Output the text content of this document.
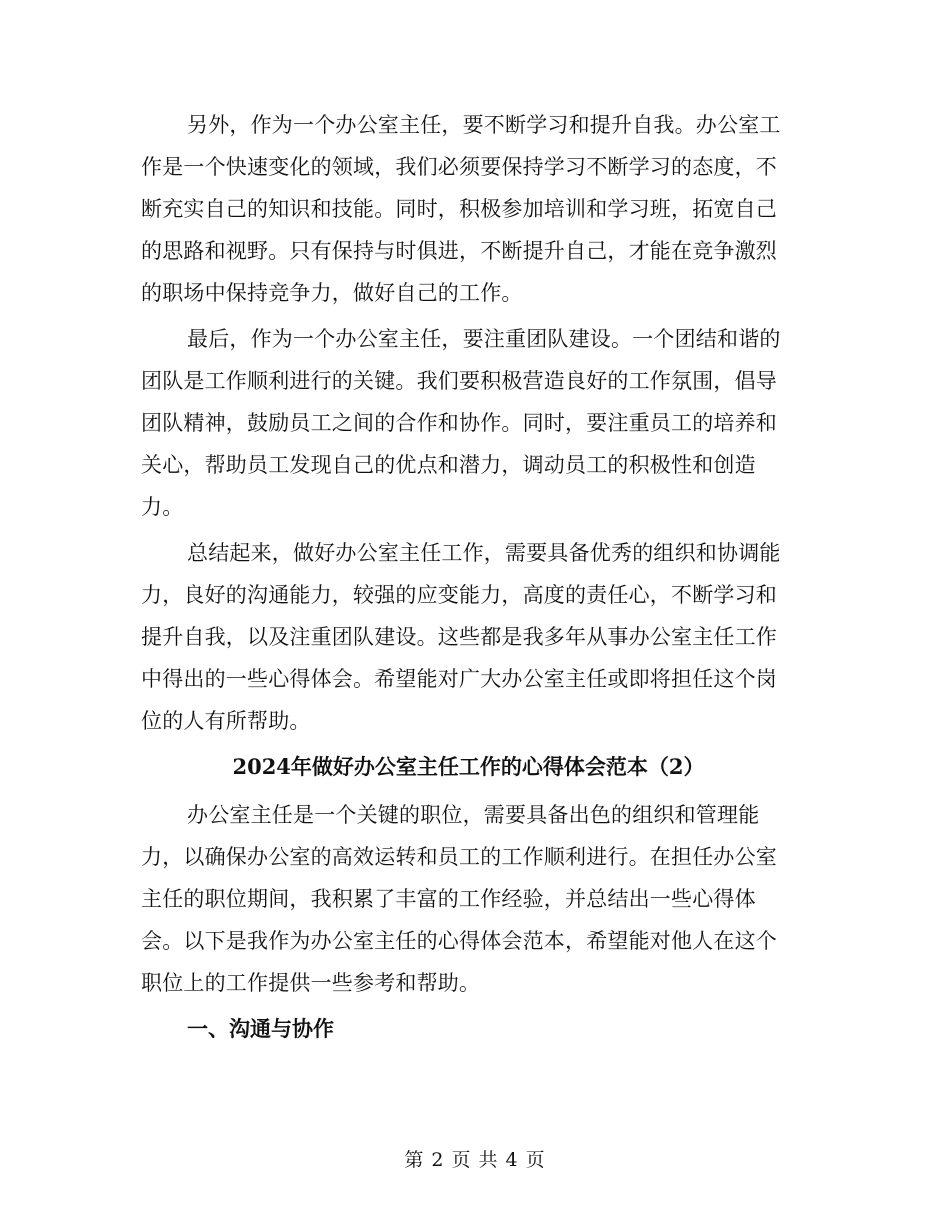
另外，作为一个办公室主任，要不断学习和提升自我。办公室工
作是一个快速变化的领域，我们必须要保持学习不断学习的态度，不
断充实自己的知识和技能。同时，积极参加培训和学习班，拓宽自己
的思路和视野。只有保持与时俱进，不断提升自己，才能在竞争激烈
的职场中保持竞争力，做好自己的工作。

最后，作为一个办公室主任，要注重团队建设。一个团结和谐的
团队是工作顺利进行的关键。我们要积极营造良好的工作氛围，倡导
团队精神，鼓励员工之间的合作和协作。同时，要注重员工的培养和
关心，帮助员工发现自己的优点和潜力，调动员工的积极性和创造
力。

总结起来，做好办公室主任工作，需要具备优秀的组织和协调能
力，良好的沟通能力，较强的应变能力，高度的责任心，不断学习和
提升自我，以及注重团队建设。这些都是我多年从事办公室主任工作
中得出的一些心得体会。希望能对广大办公室主任或即将担任这个岗
位的人有所帮助。

2024年做好办公室主任工作的心得体会范本（2）

办公室主任是一个关键的职位，需要具备出色的组织和管理能
力，以确保办公室的高效运转和员工的工作顺利进行。在担任办公室
主任的职位期间，我积累了丰富的工作经验，并总结出一些心得体
会。以下是我作为办公室主任的心得体会范本，希望能对他人在这个
职位上的工作提供一些参考和帮助。

一、沟通与协作
第 2 页 共 4 页
